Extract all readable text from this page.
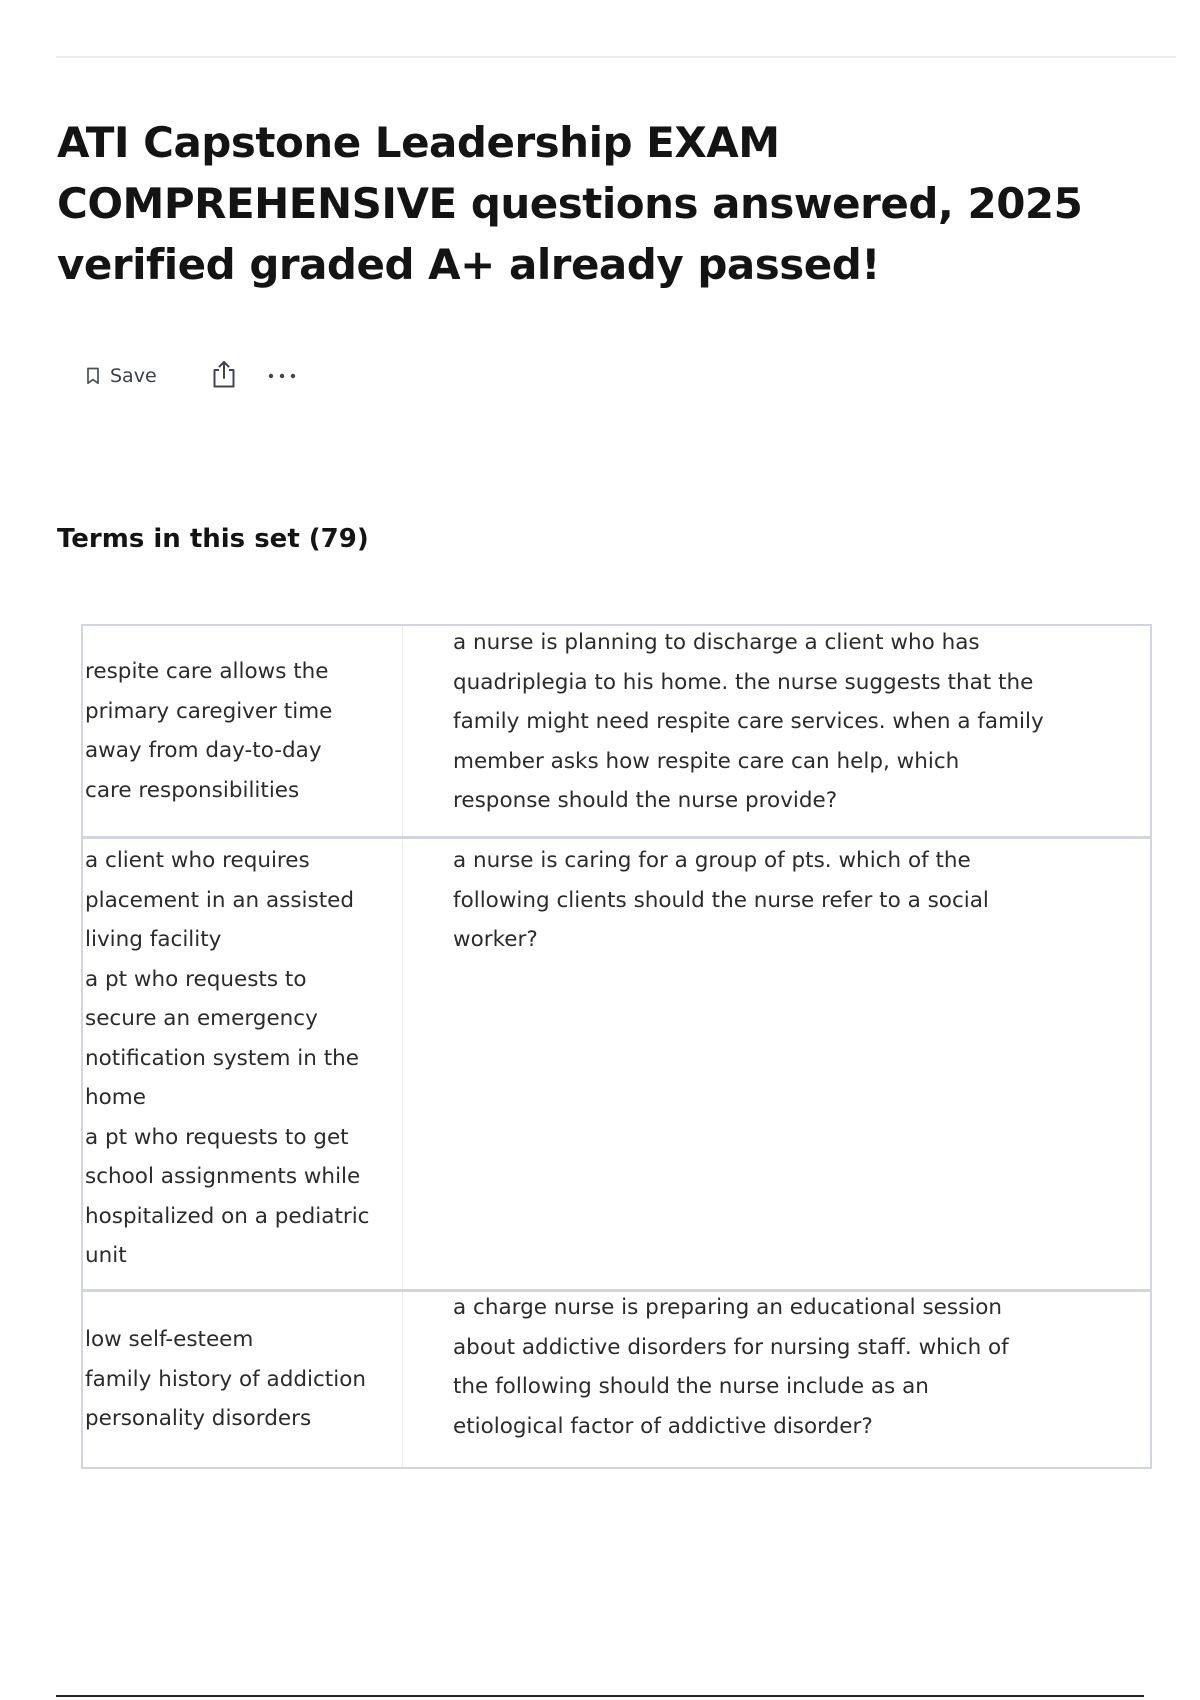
ATI Capstone Leadership EXAM COMPREHENSIVE questions answered, 2025 verified graded A+ already passed!
Save
Terms in this set (79)
respite care allows the
primary caregiver time
away from day-to-day
care responsibilities
a nurse is planning to discharge a client who has
quadriplegia to his home. the nurse suggests that the
family might need respite care services. when a family
member asks how respite care can help, which
response should the nurse provide?
a client who requires
placement in an assisted
living facility
a pt who requests to
secure an emergency
notification system in the
home
a pt who requests to get
school assignments while
hospitalized on a pediatric
unit
a nurse is caring for a group of pts. which of the
following clients should the nurse refer to a social
worker?
low self-esteem
family history of addiction
personality disorders
a charge nurse is preparing an educational session
about addictive disorders for nursing staff. which of
the following should the nurse include as an
etiological factor of addictive disorder?
